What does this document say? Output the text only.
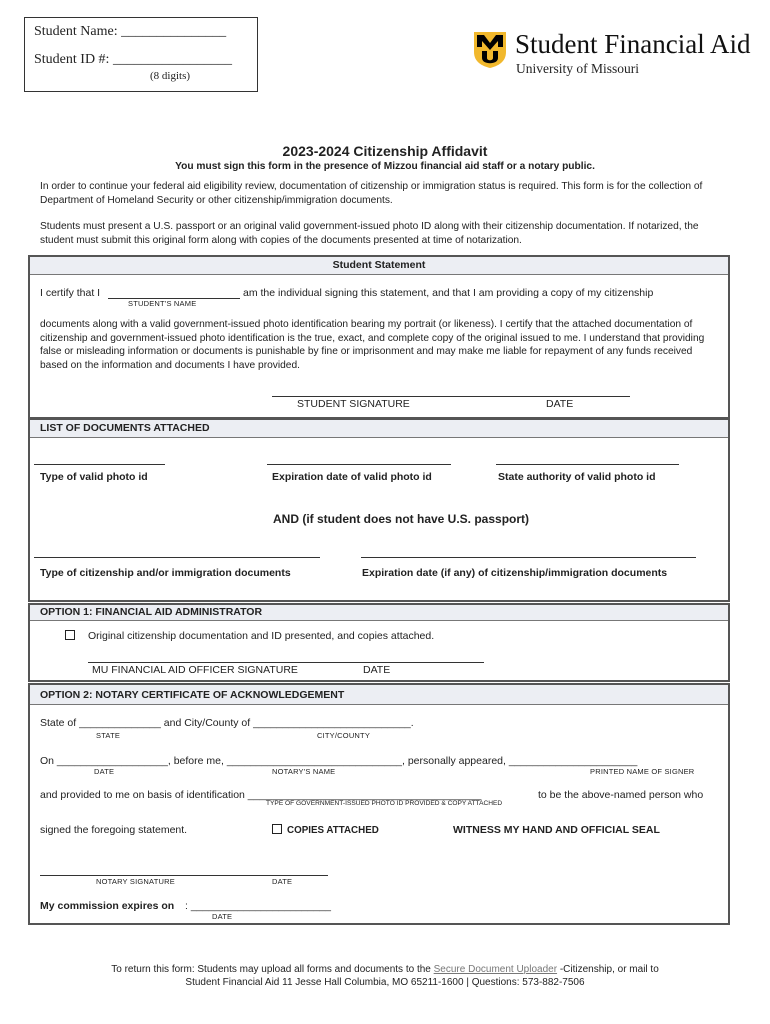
Student Name: _______________
Student ID #: _________________
(8 digits)
Student Financial Aid
University of Missouri
2023-2024 Citizenship Affidavit
You must sign this form in the presence of Mizzou financial aid staff or a notary public.
In order to continue your federal aid eligibility review, documentation of citizenship or immigration status is required. This form is for the collection of Department of Homeland Security or other citizenship/immigration documents.
Students must present a U.S. passport or an original valid government-issued photo ID along with their citizenship documentation. If notarized, the student must submit this original form along with copies of the documents presented at time of notarization.
Student Statement
I certify that I
STUDENT'S NAME
am the individual signing this statement, and that I am providing a copy of my citizenship
documents along with a valid government-issued photo identification bearing my portrait (or likeness). I certify that the attached documentation of citizenship and government-issued photo identification is the true, exact, and complete copy of the original issued to me. I understand that providing false or misleading information or documents is punishable by fine or imprisonment and may make me liable for repayment of any funds received based on the information and documents I have provided.
STUDENT SIGNATURE	DATE
LIST OF DOCUMENTS ATTACHED
Type of valid photo id	Expiration date of valid photo id	State authority of valid photo id
AND (if student does not have U.S. passport)
Type of citizenship and/or immigration documents	Expiration date (if any) of citizenship/immigration documents
OPTION 1: FINANCIAL AID ADMINISTRATOR
Original citizenship documentation and ID presented, and copies attached.
MU FINANCIAL AID OFFICER SIGNATURE	DATE
OPTION 2: NOTARY CERTIFICATE OF ACKNOWLEDGEMENT
State of ______________ and City/County of ___________________________.
STATE	CITY/COUNTY
On ___________________, before me, ______________________________, personally appeared, ______________________
DATE	NOTARY'S NAME	PRINTED NAME OF SIGNER
and provided to me on basis of identification ________________________________________	to be the above-named person who
TYPE OF GOVERNMENT-ISSUED PHOTO ID PROVIDED & COPY ATTACHED
signed the foregoing statement.	COPIES ATTACHED	WITNESS MY HAND AND OFFICIAL SEAL
NOTARY SIGNATURE	DATE
My commission expires on : ________________________
DATE
To return this form: Students may upload all forms and documents to the Secure Document Uploader -Citizenship, or mail to
Student Financial Aid 11 Jesse Hall Columbia, MO 65211-1600 | Questions: 573-882-7506
